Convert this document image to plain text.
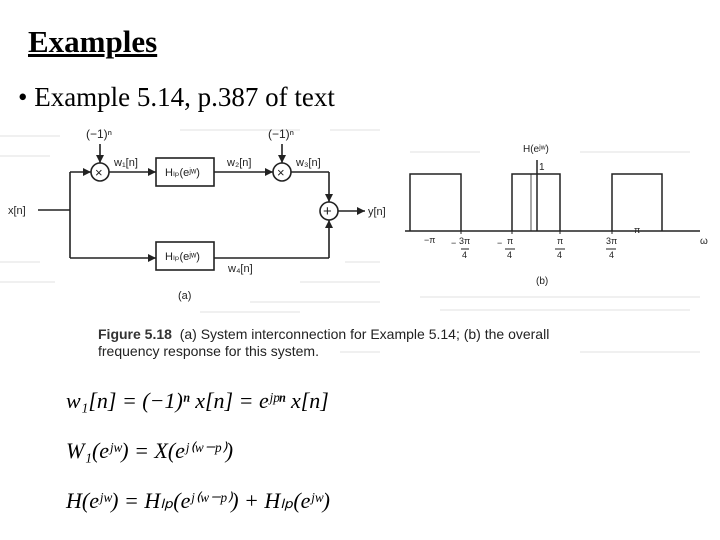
Examples
• Example 5.14, p.387 of text
(−1)ⁿ	(−1)ⁿ
×	×
+
w₁[n]	w₂[n]	w₃[n]
w₄[n]
x[n]	y[n]
Hₗₚ(eʲʷ)
Hₗₚ(eʲʷ)
(a)
H(eʲʷ)
1
−π − 3π
4
− π
4
π
4
3π
4
π
ω
(b)
Figure 5.18 (a) System interconnection for Example 5.14; (b) the overall
frequency response for this system.
w₁[n] = (−1)ⁿ x[n] = eʲᵖⁿ x[n]
W₁(eʲʷ) = X(eʲ⁽ʷ⁻ᵖ⁾)
H(eʲʷ) = Hₗₚ(eʲ⁽ʷ⁻ᵖ⁾) + Hₗₚ(eʲʷ)
